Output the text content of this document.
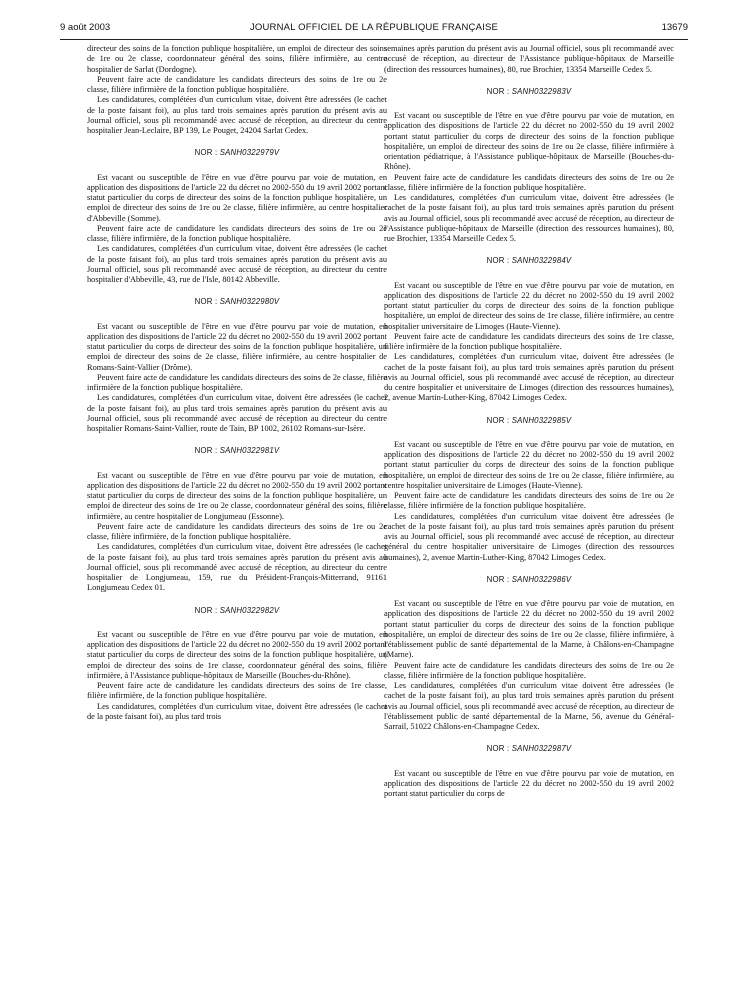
9 août 2003	JOURNAL OFFICIEL DE LA RÉPUBLIQUE FRANÇAISE	13679

directeur des soins de la fonction publique hospitalière, un emploi de directeur des soins de 1re ou 2e classe, coordonnateur général des soins, filière infirmière, au centre hospitalier de Sarlat (Dordogne).

Peuvent faire acte de candidature les candidats directeurs des soins de 1re ou 2e classe, filière infirmière de la fonction publique hospitalière.

Les candidatures, complétées d'un curriculum vitae, doivent être adressées (le cachet de la poste faisant foi), au plus tard trois semaines après parution du présent avis au Journal officiel, sous pli recommandé avec accusé de réception, au directeur du centre hospitalier Jean-Leclaire, BP 139, Le Pouget, 24204 Sarlat Cedex.

NOR : SANH0322979V

Est vacant ou susceptible de l'être en vue d'être pourvu par voie de mutation, en application des dispositions de l'article 22 du décret no 2002-550 du 19 avril 2002 portant statut particulier du corps de directeur des soins de la fonction publique hospitalière, un emploi de directeur des soins de 1re ou 2e classe, filière infirmière, au centre hospitalier d'Abbeville (Somme).

Peuvent faire acte de candidature les candidats directeurs des soins de 1re ou 2e classe, filière infirmière, de la fonction publique hospitalière.

Les candidatures, complétées d'un curriculum vitae, doivent être adressées (le cachet de la poste faisant foi), au plus tard trois semaines après parution du présent avis au Journal officiel, sous pli recommandé avec accusé de réception, au directeur du centre hospitalier d'Abbeville, 43, rue de l'Isle, 80142 Abbeville.

NOR : SANH0322980V

Est vacant ou susceptible de l'être en vue d'être pourvu par voie de mutation, en application des dispositions de l'article 22 du décret no 2002-550 du 19 avril 2002 portant statut particulier du corps de directeur des soins de la fonction publique hospitalière, un emploi de directeur des soins de 2e classe, filière infirmière, au centre hospitalier de Romans-Saint-Vallier (Drôme).

Peuvent faire acte de candidature les candidats directeurs des soins de 2e classe, filière infirmière de la fonction publique hospitalière.

Les candidatures, complétées d'un curriculum vitae, doivent être adressées (le cachet de la poste faisant foi), au plus tard trois semaines après parution du présent avis au Journal officiel, sous pli recommandé avec accusé de réception au directeur du centre hospitalier Romans-Saint-Vallier, route de Tain, BP 1002, 26102 Romans-sur-Isère.

NOR : SANH0322981V

Est vacant ou susceptible de l'être en vue d'être pourvu par voie de mutation, en application des dispositions de l'article 22 du décret no 2002-550 du 19 avril 2002 portant statut particulier du corps de directeur des soins de la fonction publique hospitalière, un emploi de directeur des soins de 1re ou 2e classe, coordonnateur général des soins, filière infirmière, au centre hospitalier de Longjumeau (Essonne).

Peuvent faire acte de candidature les candidats directeurs des soins de 1re ou 2e classe, filière infirmière, de la fonction publique hospitalière.

Les candidatures, complétées d'un curriculum vitae, doivent être adressées (le cachet de la poste faisant foi), au plus tard trois semaines après parution du présent avis au Journal officiel, sous pli recommandé avec accusé de réception, au directeur du centre hospitalier de Longjumeau, 159, rue du Président-François-Mitterrand, 91161 Longjumeau Cedex 01.

NOR : SANH0322982V

Est vacant ou susceptible de l'être en vue d'être pourvu par voie de mutation, en application des dispositions de l'article 22 du décret no 2002-550 du 19 avril 2002 portant statut particulier du corps de directeur des soins de la fonction publique hospitalière, un emploi de directeur des soins de 1re classe, coordonnateur général des soins, filière infirmière, à l'Assistance publique-hôpitaux de Marseille (Bouches-du-Rhône).

Peuvent faire acte de candidature les candidats directeurs des soins de 1re classe, filière infirmière, de la fonction publique hospitalière.

Les candidatures, complétées d'un curriculum vitae, doivent être adressées (le cachet de la poste faisant foi), au plus tard trois

semaines après parution du présent avis au Journal officiel, sous pli recommandé avec accusé de réception, au directeur de l'Assistance publique-hôpitaux de Marseille (direction des ressources humaines), 80, rue Brochier, 13354 Marseille Cedex 5.

NOR : SANH0322983V

Est vacant ou susceptible de l'être en vue d'être pourvu par voie de mutation, en application des dispositions de l'article 22 du décret no 2002-550 du 19 avril 2002 portant statut particulier du corps de directeur des soins de la fonction publique hospitalière, un emploi de directeur des soins de 1re ou 2e classe, filière infirmière à orientation pédiatrique, à l'Assistance publique-hôpitaux de Marseille (Bouches-du-Rhône).

Peuvent faire acte de candidature les candidats directeurs des soins de 1re ou 2e classe, filière infirmière de la fonction publique hospitalière.

Les candidatures, complétées d'un curriculum vitae, doivent être adressées (le cachet de la poste faisant foi), au plus tard trois semaines après parution du présent avis au Journal officiel, sous pli recommandé avec accusé de réception, au directeur de l'Assistance publique-hôpitaux de Marseille (direction des ressources humaines), 80, rue Brochier, 13354 Marseille Cedex 5.

NOR : SANH0322984V

Est vacant ou susceptible de l'être en vue d'être pourvu par voie de mutation, en application des dispositions de l'article 22 du décret no 2002-550 du 19 avril 2002 portant statut particulier du corps de directeur des soins de la fonction publique hospitalière, un emploi de directeur des soins de 1re classe, filière infirmière, au centre hospitalier universitaire de Limoges (Haute-Vienne).

Peuvent faire acte de candidature les candidats directeurs des soins de 1re classe, filière infirmière de la fonction publique hospitalière.

Les candidatures, complétées d'un curriculum vitae, doivent être adressées (le cachet de la poste faisant foi), au plus tard trois semaines après parution du présent avis au Journal officiel, sous pli recommandé avec accusé de réception, au directeur du centre hospitalier et universitaire de Limoges (direction des ressources humaines), 2, avenue Martin-Luther-King, 87042 Limoges Cedex.

NOR : SANH0322985V

Est vacant ou susceptible de l'être en vue d'être pourvu par voie de mutation, en application des dispositions de l'article 22 du décret no 2002-550 du 19 avril 2002 portant statut particulier du corps de directeur des soins de la fonction publique hospitalière, un emploi de directeur des soins de 1re ou 2e classe, filière infirmière, au centre hospitalier universitaire de Limoges (Haute-Vienne).

Peuvent faire acte de candidature les candidats directeurs des soins de 1re ou 2e classe, filière infirmière de la fonction publique hospitalière.

Les candidatures, complétées d'un curriculum vitae doivent être adressées (le cachet de la poste faisant foi), au plus tard trois semaines après parution du présent avis au Journal officiel, sous pli recommandé avec accusé de réception, au directeur général du centre hospitalier universitaire de Limoges (direction des ressources humaines), 2, avenue Martin-Luther-King, 87042 Limoges Cedex.

NOR : SANH0322986V

Est vacant ou susceptible de l'être en vue d'être pourvu par voie de mutation, en application des dispositions de l'article 22 du décret no 2002-550 du 19 avril 2002 portant statut particulier du corps de directeur des soins de la fonction publique hospitalière, un emploi de directeur des soins de 1re ou 2e classe, filière infirmière, à l'établissement public de santé départemental de la Marne, à Châlons-en-Champagne (Marne).

Peuvent faire acte de candidature les candidats directeurs des soins de 1re ou 2e classe, filière infirmière de la fonction publique hospitalière.

Les candidatures, complétées d'un curriculum vitae doivent être adressées (le cachet de la poste faisant foi), au plus tard trois semaines après parution du présent avis au Journal officiel, sous pli recommandé avec accusé de réception, au directeur de l'établissement public de santé départemental de la Marne, 56, avenue du Général-Sarrail, 51022 Châlons-en-Champagne Cedex.

NOR : SANH0322987V

Est vacant ou susceptible de l'être en vue d'être pourvu par voie de mutation, en application des dispositions de l'article 22 du décret no 2002-550 du 19 avril 2002 portant statut particulier du corps de
